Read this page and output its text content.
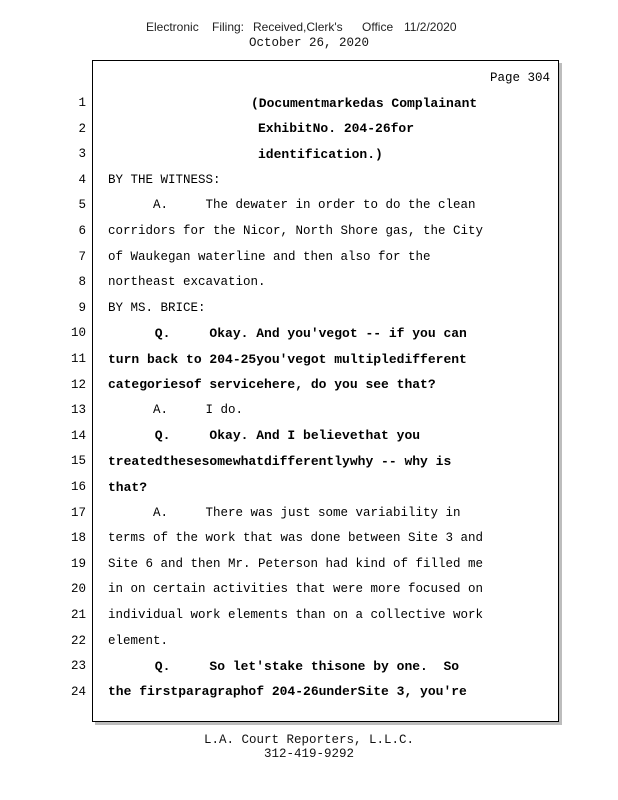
Electronic Filing: Received,Clerk's Office 11/2/2020
October 26, 2020
Page 304
1	(Documentmarkedas Complainant
2	ExhibitNo. 204-26for
3	identification.)
4 BY THE WITNESS:
5 A.     The dewater in order to do the clean
6 corridors for the Nicor, North Shore gas, the City
7 of Waukegan waterline and then also for the
8 northeast excavation.
9 BY MS. BRICE:
10 Q.     Okay. And you'vegot -- if you can
11 turn back to 204-25you'vegot multipledifferent
12 categoriesof servicehere, do you see that?
13 A.     I do.
14 Q.     Okay. And I believethat you
15 treatedthesesomewhatdifferentlywhy -- why is
16 that?
17 A.     There was just some variability in
18 terms of the work that was done between Site 3 and
19 Site 6 and then Mr. Peterson had kind of filled me
20 in on certain activities that were more focused on
21 individual work elements than on a collective work
22 element.
23 Q.     So let'stake thisone by one.  So
24 the firstparagraphof 204-26underSite 3, you're
L.A. Court Reporters, L.L.C.
312-419-9292
